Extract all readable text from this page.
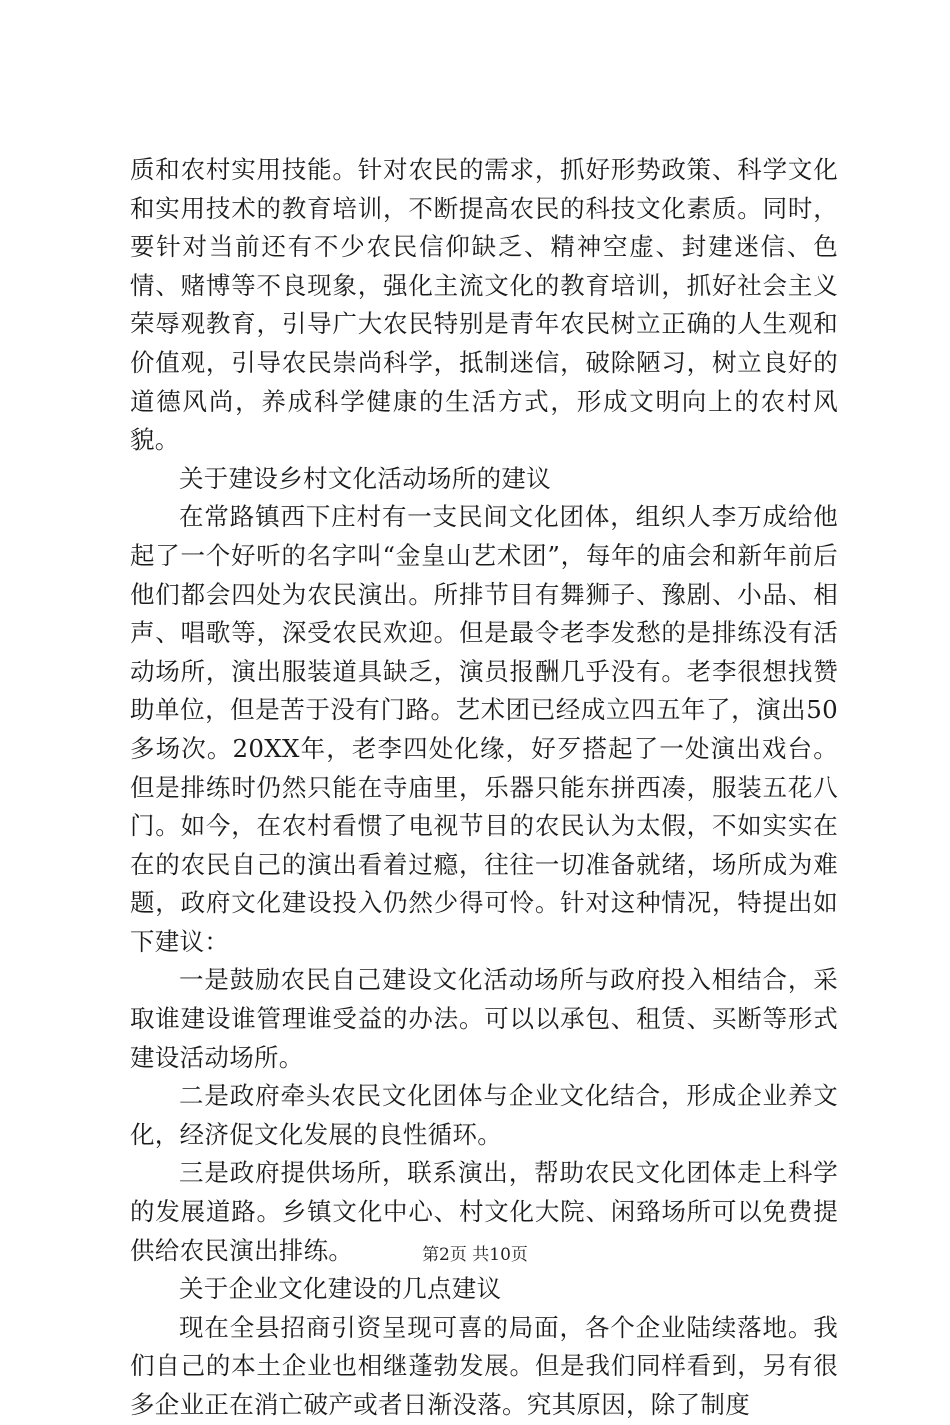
质和农村实用技能。针对农民的需求，抓好形势政策、科学文化和实用技术的教育培训，不断提高农民的科技文化素质。同时，要针对当前还有不少农民信仰缺乏、精神空虚、封建迷信、色情、赌博等不良现象，强化主流文化的教育培训，抓好社会主义荣辱观教育，引导广大农民特别是青年农民树立正确的人生观和价值观，引导农民崇尚科学，抵制迷信，破除陋习，树立良好的道德风尚，养成科学健康的生活方式，形成文明向上的农村风貌。

关于建设乡村文化活动场所的建议

在常路镇西下庄村有一支民间文化团体，组织人李万成给他起了一个好听的名字叫“金皇山艺术团”，每年的庙会和新年前后他们都会四处为农民演出。所排节目有舞狮子、豫剧、小品、相声、唱歌等，深受农民欢迎。但是最令老李发愁的是排练没有活动场所，演出服装道具缺乏，演员报酬几乎没有。老李很想找赞助单位，但是苦于没有门路。艺术团已经成立四五年了，演出50多场次。20XX年，老李四处化缘，好歹搭起了一处演出戏台。但是排练时仍然只能在寺庙里，乐器只能东拼西凑，服装五花八门。如今，在农村看惯了电视节目的农民认为太假，不如实实在在的农民自己的演出看着过瘾，往往一切准备就绪，场所成为难题，政府文化建设投入仍然少得可怜。针对这种情况，特提出如下建议：

一是鼓励农民自己建设文化活动场所与政府投入相结合，采取谁建设谁管理谁受益的办法。可以以承包、租赁、买断等形式建设活动场所。

二是政府牵头农民文化团体与企业文化结合，形成企业养文化，经济促文化发展的良性循环。

三是政府提供场所，联系演出，帮助农民文化团体走上科学的发展道路。乡镇文化中心、村文化大院、闲臵场所可以免费提供给农民演出排练。

关于企业文化建设的几点建议

现在全县招商引资呈现可喜的局面，各个企业陆续落地。我们自己的本土企业也相继蓬勃发展。但是我们同样看到，另有很多企业正在消亡破产或者日渐没落。究其原因，除了制度

第2页 共10页
